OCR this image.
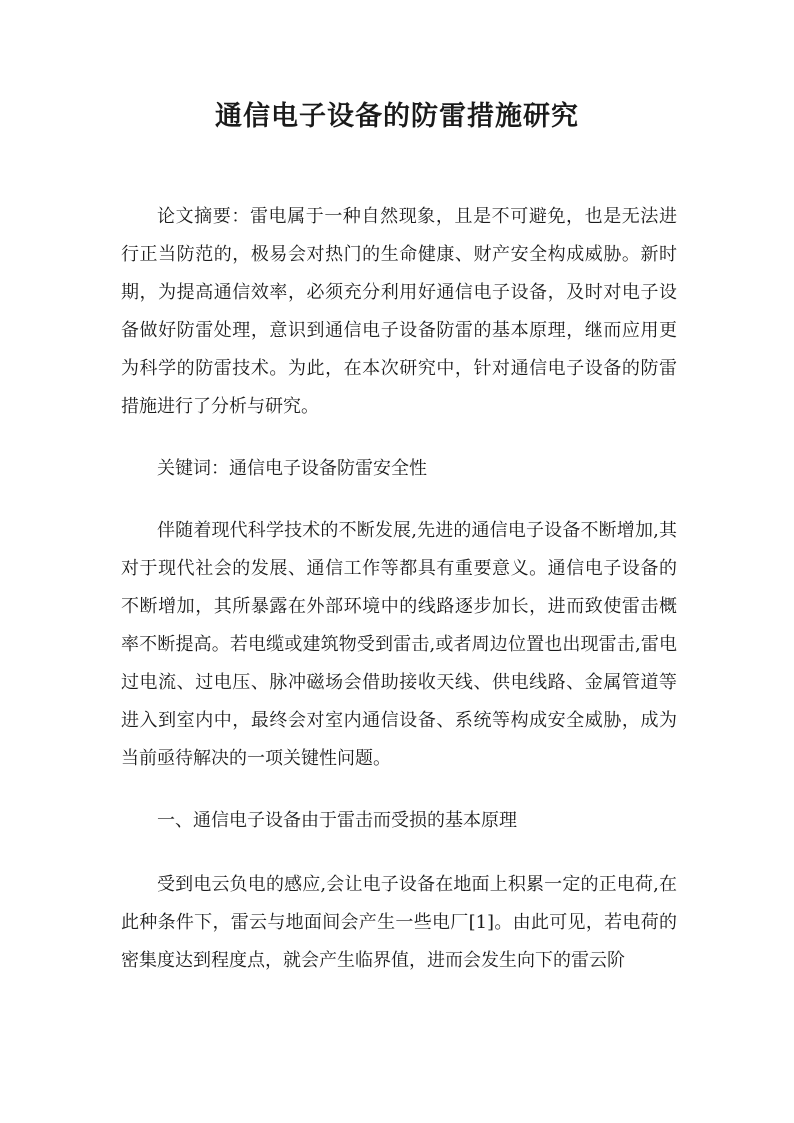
通信电子设备的防雷措施研究

论文摘要：雷电属于一种自然现象，且是不可避免，也是无法进行正当防范的，极易会对热门的生命健康、财产安全构成威胁。新时期，为提高通信效率，必须充分利用好通信电子设备，及时对电子设备做好防雷处理，意识到通信电子设备防雷的基本原理，继而应用更为科学的防雷技术。为此，在本次研究中，针对通信电子设备的防雷措施进行了分析与研究。

关键词：通信电子设备防雷安全性

伴随着现代科学技术的不断发展,先进的通信电子设备不断增加,其对于现代社会的发展、通信工作等都具有重要意义。通信电子设备的不断增加，其所暴露在外部环境中的线路逐步加长，进而致使雷击概率不断提高。若电缆或建筑物受到雷击,或者周边位置也出现雷击,雷电过电流、过电压、脉冲磁场会借助接收天线、供电线路、金属管道等进入到室内中，最终会对室内通信设备、系统等构成安全威胁，成为当前亟待解决的一项关键性问题。

一、通信电子设备由于雷击而受损的基本原理

受到电云负电的感应,会让电子设备在地面上积累一定的正电荷,在此种条件下，雷云与地面间会产生一些电厂[1]。由此可见，若电荷的密集度达到程度点，就会产生临界值，进而会发生向下的雷云阶
